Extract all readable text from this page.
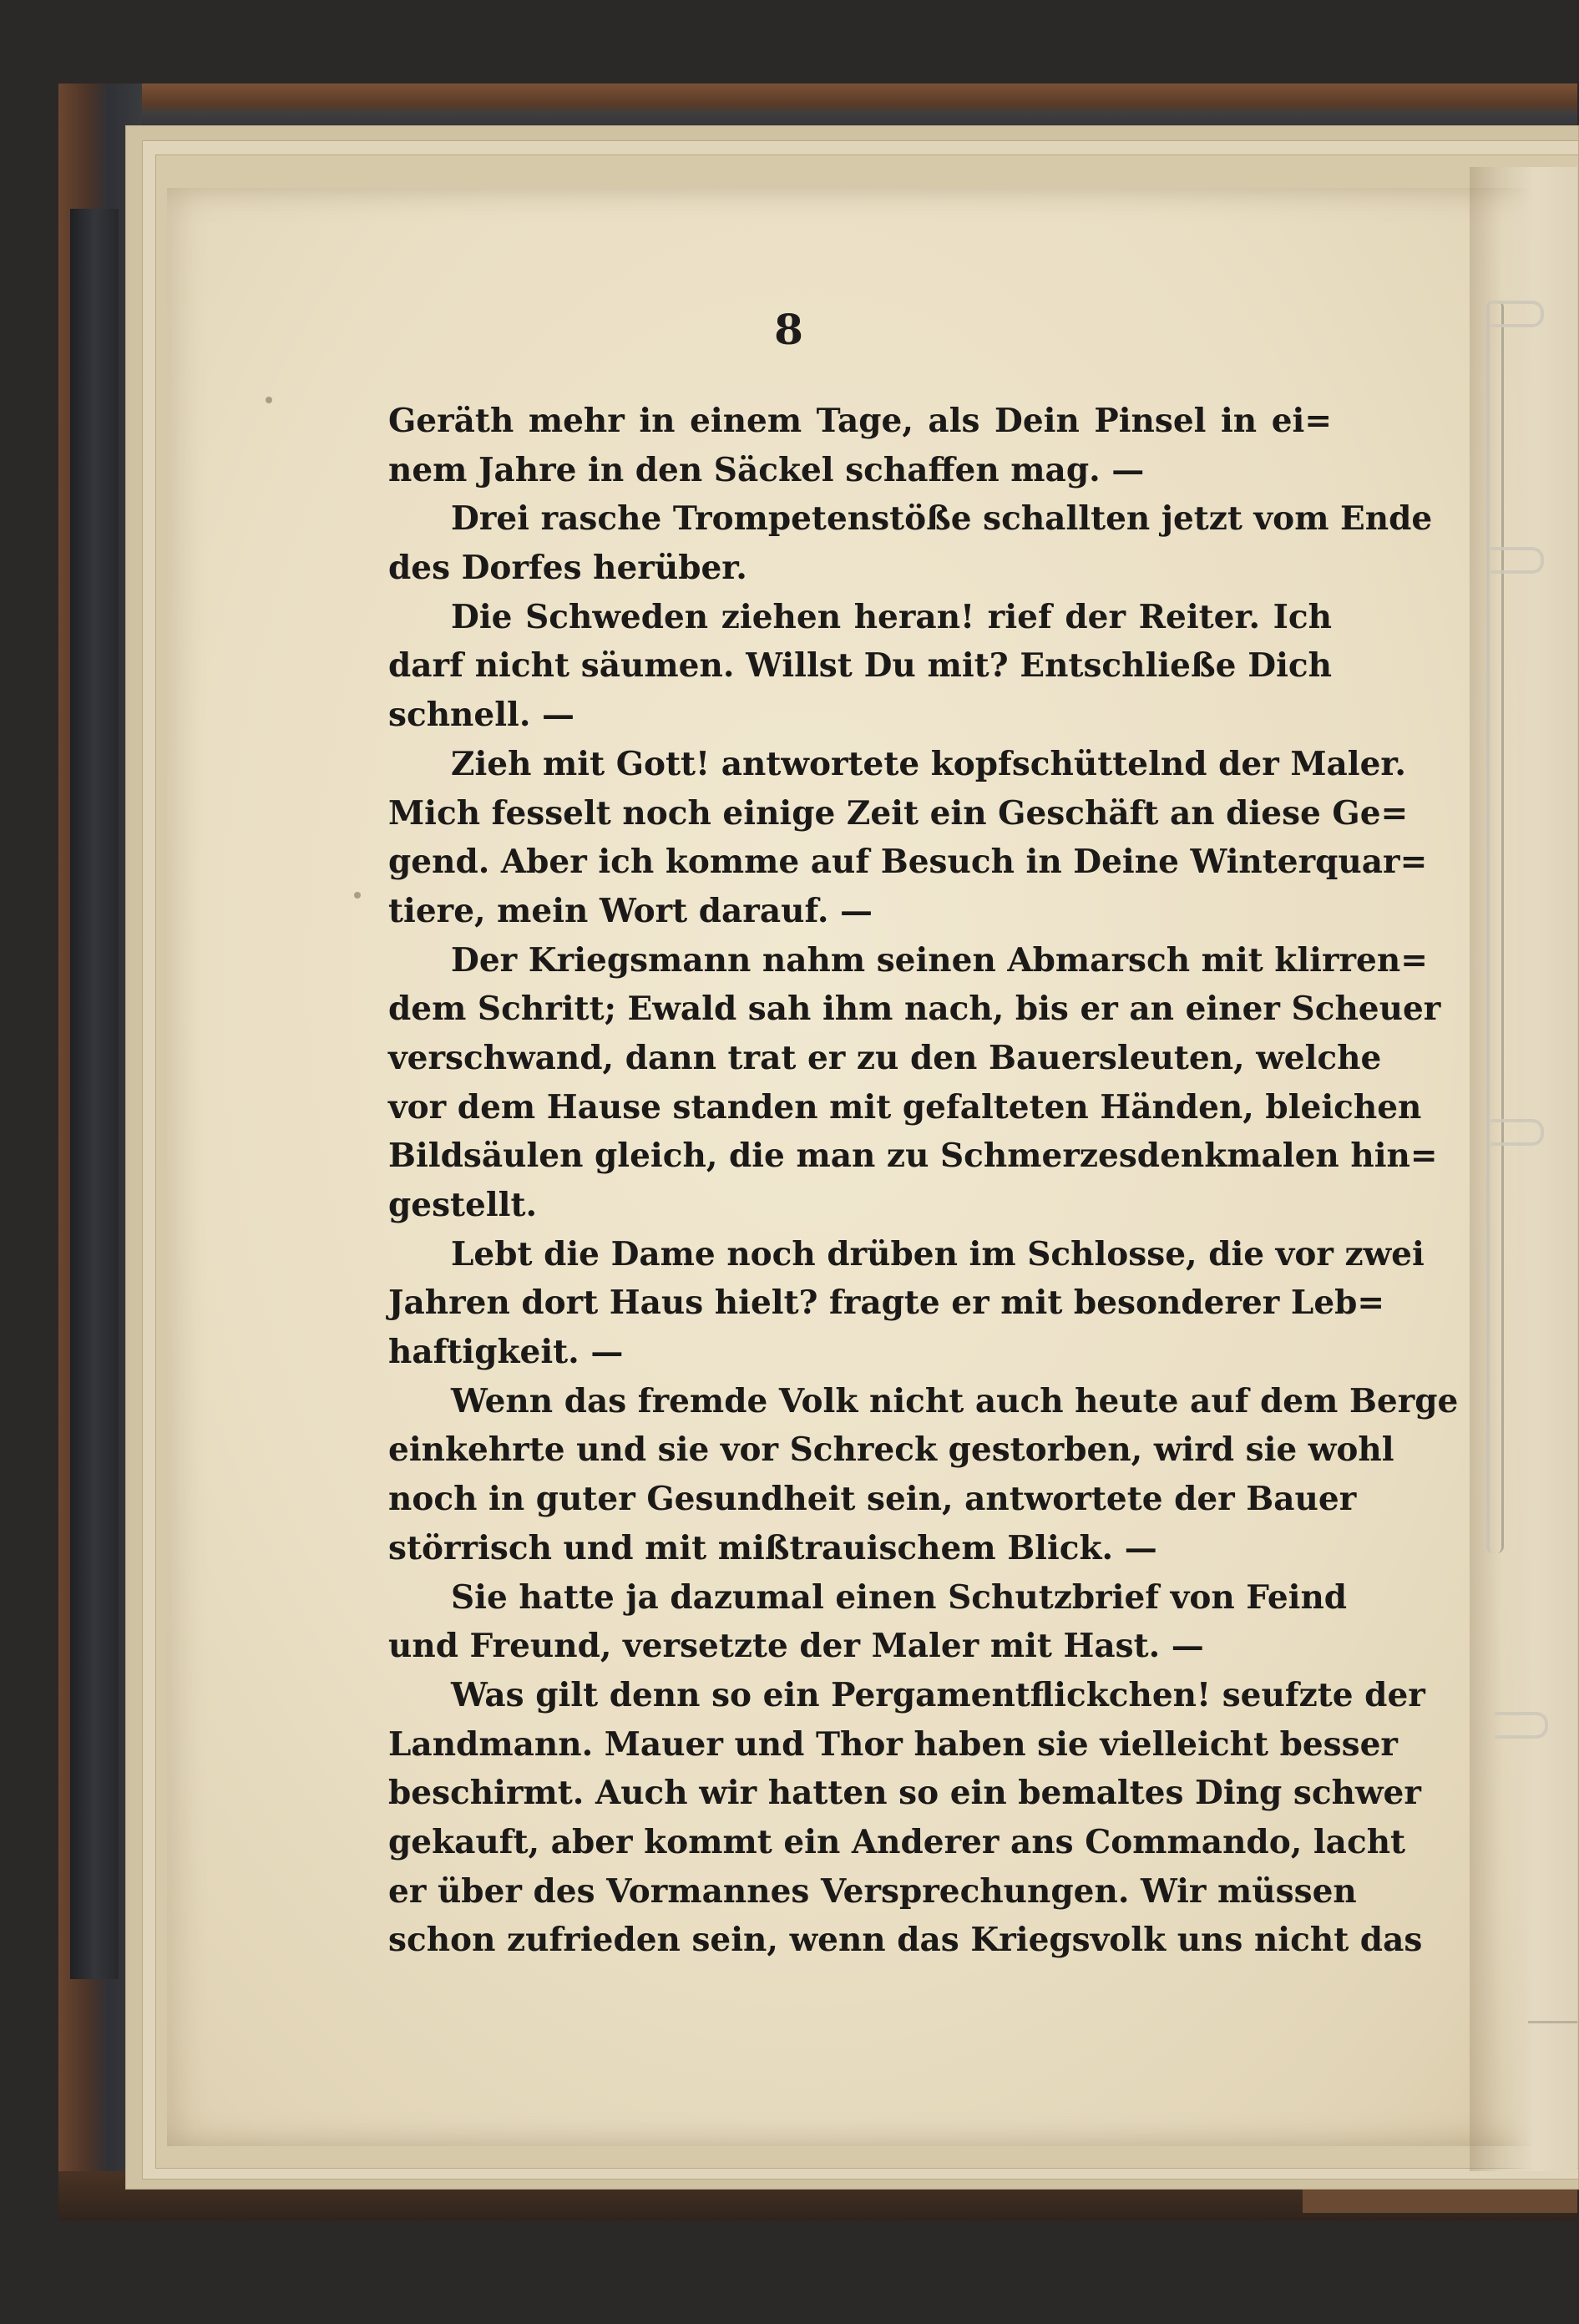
8
Geräth mehr in einem Tage, als Dein Pinsel in ei=
nem Jahre in den Säckel schaffen mag. —
Drei rasche Trompetenstöße schallten jetzt vom Ende
des Dorfes herüber.
Die Schweden ziehen heran! rief der Reiter. Ich
darf nicht säumen. Willst Du mit? Entschließe Dich
schnell. —
Zieh mit Gott! antwortete kopfschüttelnd der Maler.
Mich fesselt noch einige Zeit ein Geschäft an diese Ge=
gend. Aber ich komme auf Besuch in Deine Winterquar=
tiere, mein Wort darauf. —
Der Kriegsmann nahm seinen Abmarsch mit klirren=
dem Schritt; Ewald sah ihm nach, bis er an einer Scheuer
verschwand, dann trat er zu den Bauersleuten, welche
vor dem Hause standen mit gefalteten Händen, bleichen
Bildsäulen gleich, die man zu Schmerzesdenkmalen hin=
gestellt.
Lebt die Dame noch drüben im Schlosse, die vor zwei
Jahren dort Haus hielt? fragte er mit besonderer Leb=
haftigkeit. —
Wenn das fremde Volk nicht auch heute auf dem Berge
einkehrte und sie vor Schreck gestorben, wird sie wohl
noch in guter Gesundheit sein, antwortete der Bauer
störrisch und mit mißtrauischem Blick. —
Sie hatte ja dazumal einen Schutzbrief von Feind
und Freund, versetzte der Maler mit Hast. —
Was gilt denn so ein Pergamentflickchen! seufzte der
Landmann. Mauer und Thor haben sie vielleicht besser
beschirmt. Auch wir hatten so ein bemaltes Ding schwer
gekauft, aber kommt ein Anderer ans Commando, lacht
er über des Vormannes Versprechungen. Wir müssen
schon zufrieden sein, wenn das Kriegsvolk uns nicht das
